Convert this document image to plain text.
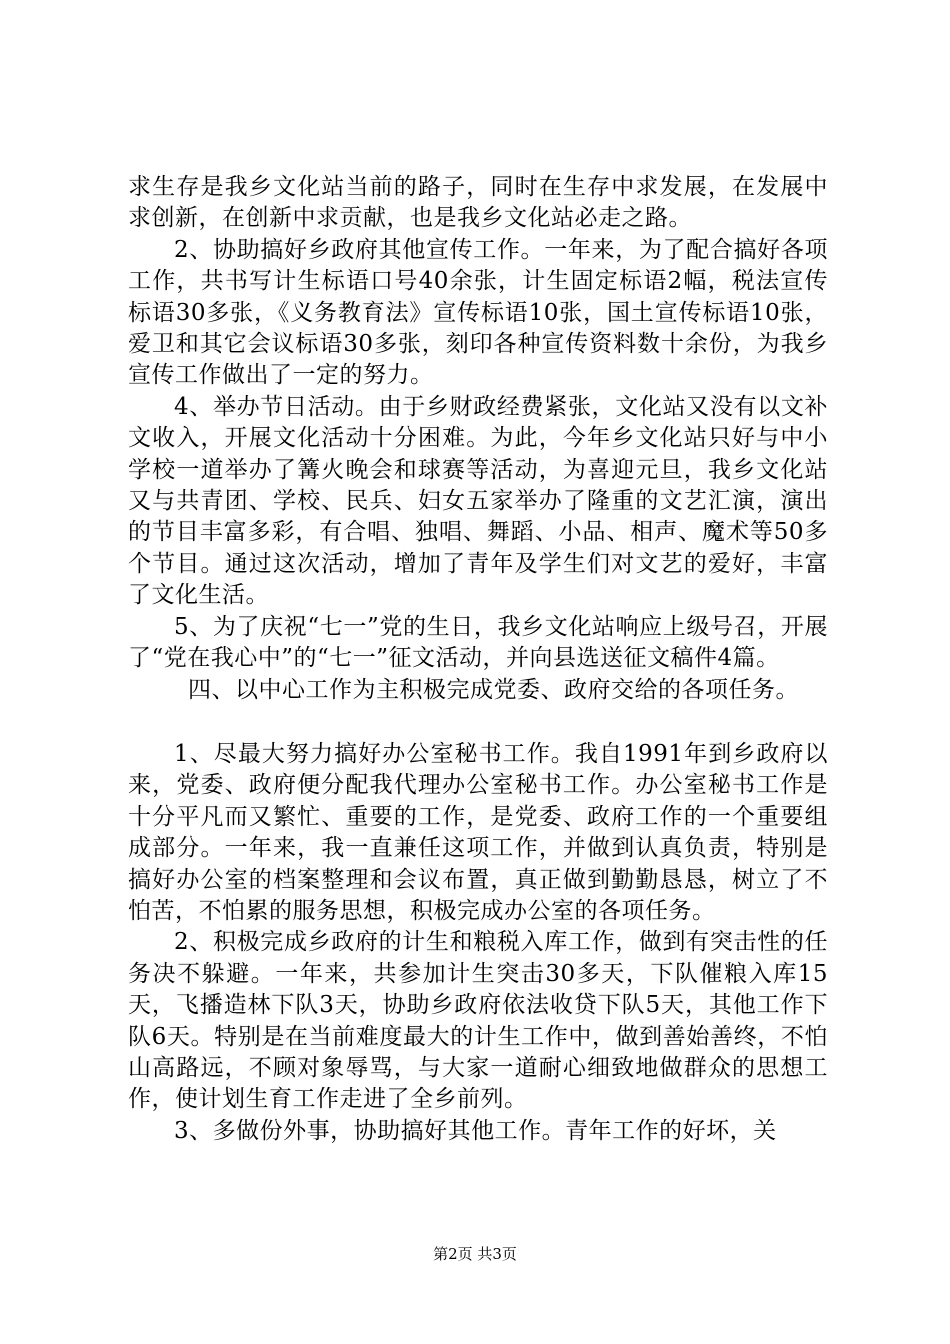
求生存是我乡文化站当前的路子，同时在生存中求发展，在发展中求创新，在创新中求贡献，也是我乡文化站必走之路。

2、协助搞好乡政府其他宣传工作。一年来，为了配合搞好各项工作，共书写计生标语口号40余张，计生固定标语2幅，税法宣传标语30多张，《义务教育法》宣传标语10张，国土宣传标语10张，爱卫和其它会议标语30多张，刻印各种宣传资料数十余份，为我乡宣传工作做出了一定的努力。

4、举办节日活动。由于乡财政经费紧张，文化站又没有以文补文收入，开展文化活动十分困难。为此，今年乡文化站只好与中小学校一道举办了篝火晚会和球赛等活动，为喜迎元旦，我乡文化站又与共青团、学校、民兵、妇女五家举办了隆重的文艺汇演，演出的节目丰富多彩，有合唱、独唱、舞蹈、小品、相声、魔术等50多个节目。通过这次活动，增加了青年及学生们对文艺的爱好，丰富了文化生活。

5、为了庆祝“七一”党的生日，我乡文化站响应上级号召，开展了“党在我心中”的“七一”征文活动，并向县选送征文稿件4篇。

四、以中心工作为主积极完成党委、政府交给的各项任务。

1、尽最大努力搞好办公室秘书工作。我自1991年到乡政府以来，党委、政府便分配我代理办公室秘书工作。办公室秘书工作是十分平凡而又繁忙、重要的工作，是党委、政府工作的一个重要组成部分。一年来，我一直兼任这项工作，并做到认真负责，特别是搞好办公室的档案整理和会议布置，真正做到勤勤恳恳，树立了不怕苦，不怕累的服务思想，积极完成办公室的各项任务。

2、积极完成乡政府的计生和粮税入库工作，做到有突击性的任务决不躲避。一年来，共参加计生突击30多天，下队催粮入库15天，飞播造林下队3天，协助乡政府依法收贷下队5天，其他工作下队6天。特别是在当前难度最大的计生工作中，做到善始善终，不怕山高路远，不顾对象辱骂，与大家一道耐心细致地做群众的思想工作，使计划生育工作走进了全乡前列。

3、多做份外事，协助搞好其他工作。青年工作的好坏，关

第2页 共3页
